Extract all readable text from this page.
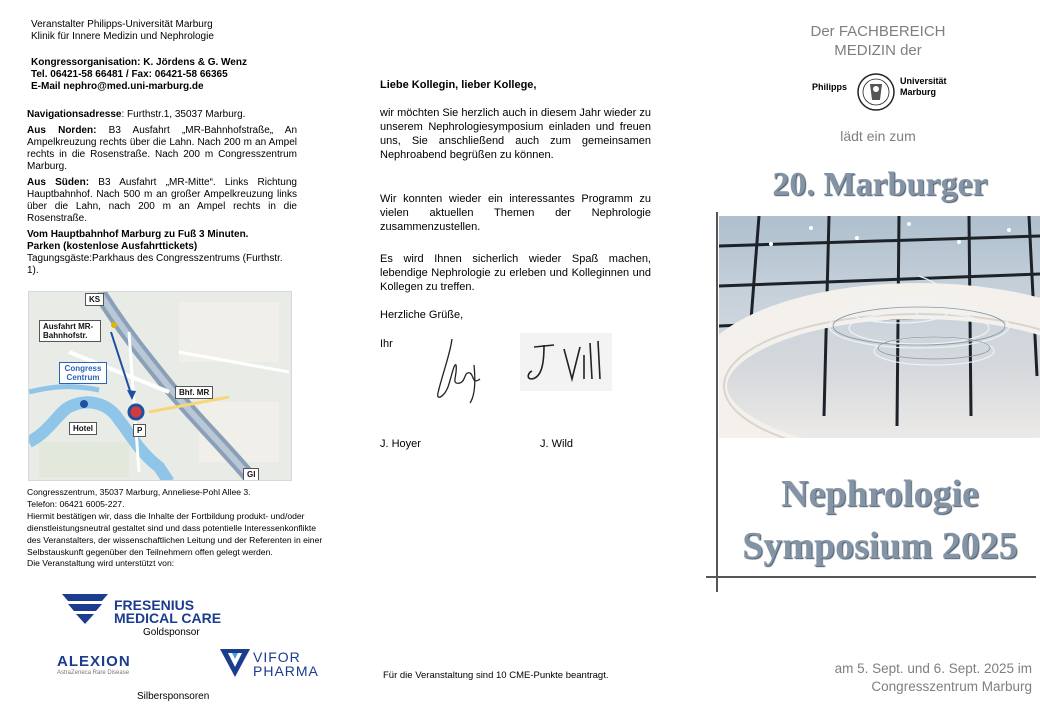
Veranstalter Philipps-Universität Marburg
Klinik für Innere Medizin und Nephrologie
Kongressorganisation: K. Jördens & G. Wenz
Tel. 06421-58 66481 / Fax: 06421-58 66365
E-Mail nephro@med.uni-marburg.de

Navigationsadresse: Furthstr.1, 35037 Marburg.

Aus Norden: B3 Ausfahrt „MR-Bahnhofstraße„ An Ampelkreuzung rechts über die Lahn. Nach 200 m an Ampel rechts in die Rosenstraße. Nach 200 m Congresszentrum Marburg.

Aus Süden: B3 Ausfahrt „MR-Mitte“. Links Richtung Hauptbahnhof. Nach 500 m an großer Ampelkreuzung links über die Lahn, nach 200 m an Ampel rechts in die Rosenstraße.

Vom Hauptbahnhof Marburg zu Fuß 3 Minuten.

Parken (kostenlose Ausfahrttickets)

Tagungsgäste:Parkhaus des Congresszentrums (Furthstr. 1).

KS
Ausfahrt MR-Bahnhofstr.
Congress Centrum
Bhf. MR
Hotel	P
GI
Congresszentrum, 35037 Marburg, Anneliese-Pohl Allee 3.
Telefon: 06421 6005-227.
Hiermit bestätigen wir, dass die Inhalte der Fortbildung produkt- und/oder dienstleistungsneutral gestaltet sind und dass potentielle Interessenkonflikte des Veranstalters, der wissenschaftlichen Leitung und der Referenten in einer Selbstauskunft gegenüber den Teilnehmern offen gelegt werden.
Die Veranstaltung wird unterstützt von:
FRESENIUS
MEDICAL CARE
Goldsponsor
ALEXION
AstraZeneca Rare Disease
VIFOR
PHARMA
Silbersponsoren
Liebe Kollegin, lieber Kollege,
wir möchten Sie herzlich auch in diesem Jahr wieder zu unserem Nephrologiesymposium einladen und freuen uns, Sie anschließend auch zum gemeinsamen Nephroabend begrüßen zu können.
Wir konnten wieder ein interessantes Programm zu vielen aktuellen Themen der Nephrologie zusammenzustellen.
Es wird Ihnen sicherlich wieder Spaß machen, lebendige Nephrologie zu erleben und Kolleginnen und Kollegen zu treffen.
Herzliche Grüße,
Ihr
J. Hoyer	J. Wild
Für die Veranstaltung sind 10 CME-Punkte beantragt.
Der FACHBEREICH
MEDIZIN der
Philipps
Universität
Marburg
lädt ein zum
20. Marburger
Nephrologie
Symposium 2025
am 5. Sept. und 6. Sept. 2025 im
Congresszentrum Marburg
